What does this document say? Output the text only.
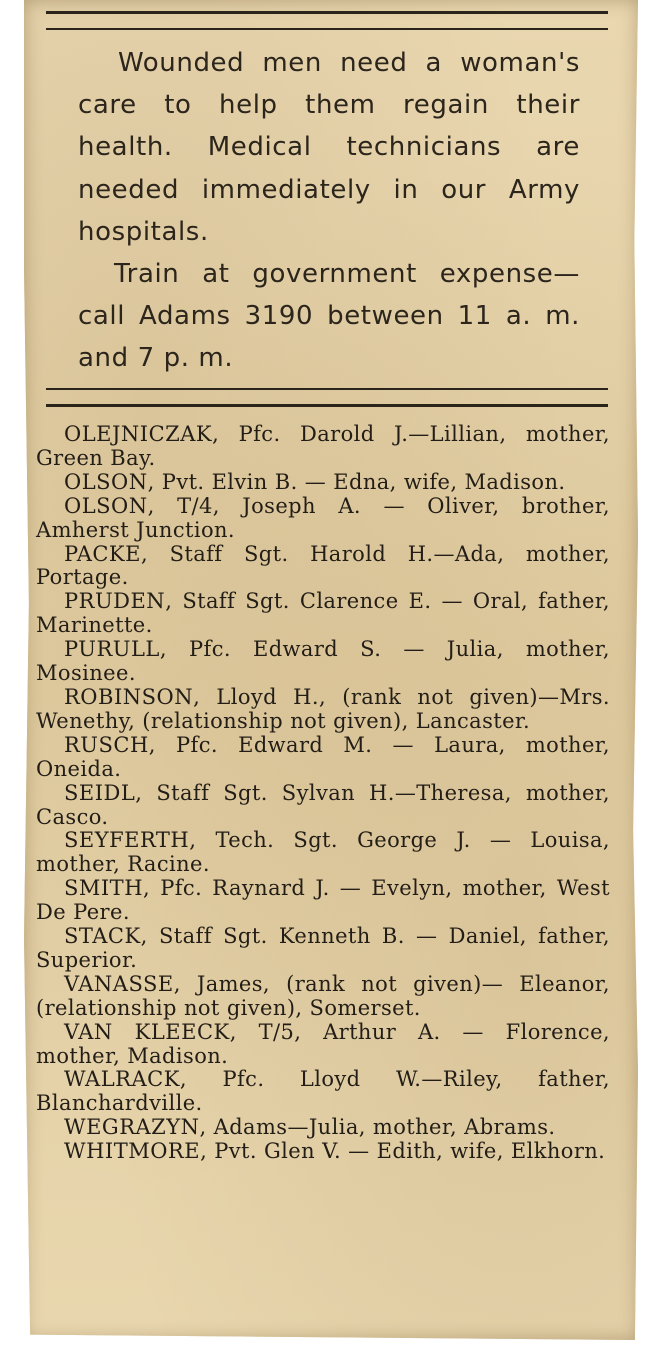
Wounded men need a woman's care to help them regain their health. Medical technicians are needed immediately in our Army hospitals.

Train at government expense—call Adams 3190 between 11 a. m. and 7 p. m.

OLEJNICZAK, Pfc. Darold J.—Lillian, mother, Green Bay.

OLSON, Pvt. Elvin B. — Edna, wife, Madison.

OLSON, T/4, Joseph A. — Oliver, brother, Amherst Junction.

PACKE, Staff Sgt. Harold H.—Ada, mother, Portage.

PRUDEN, Staff Sgt. Clarence E. — Oral, father, Marinette.

PURULL, Pfc. Edward S. — Julia, mother, Mosinee.

ROBINSON, Lloyd H., (rank not given)—Mrs. Wenethy, (relationship not given), Lancaster.

RUSCH, Pfc. Edward M. — Laura, mother, Oneida.

SEIDL, Staff Sgt. Sylvan H.—Theresa, mother, Casco.

SEYFERTH, Tech. Sgt. George J. — Louisa, mother, Racine.

SMITH, Pfc. Raynard J. — Evelyn, mother, West De Pere.

STACK, Staff Sgt. Kenneth B. — Daniel, father, Superior.

VANASSE, James, (rank not given)— Eleanor, (relationship not given), Somerset.

VAN KLEECK, T/5, Arthur A. — Florence, mother, Madison.

WALRACK, Pfc. Lloyd W.—Riley, father, Blanchardville.

WEGRAZYN, Adams—Julia, mother, Abrams.

WHITMORE, Pvt. Glen V. — Edith, wife, Elkhorn.
